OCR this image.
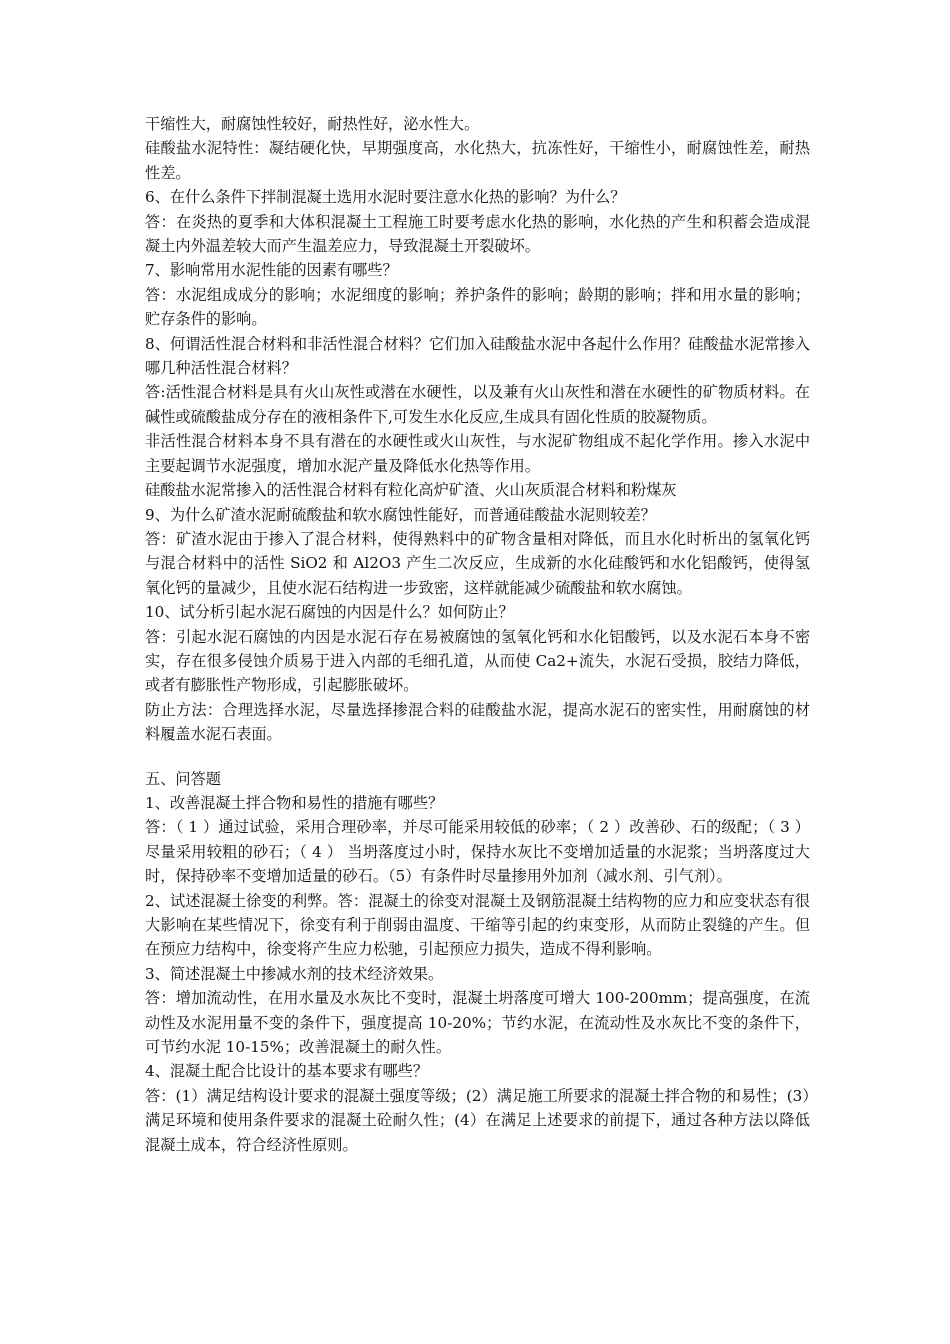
干缩性大，耐腐蚀性较好，耐热性好，泌水性大。

硅酸盐水泥特性：凝结硬化快，早期强度高，水化热大，抗冻性好，干缩性小，耐腐蚀性差，耐热性差。

6、在什么条件下拌制混凝土选用水泥时要注意水化热的影响？为什么？

答：在炎热的夏季和大体积混凝土工程施工时要考虑水化热的影响，水化热的产生和积蓄会造成混凝土内外温差较大而产生温差应力，导致混凝土开裂破坏。

7、影响常用水泥性能的因素有哪些？

答：水泥组成成分的影响；水泥细度的影响；养护条件的影响；龄期的影响；拌和用水量的影响；贮存条件的影响。

8、何谓活性混合材料和非活性混合材料？它们加入硅酸盐水泥中各起什么作用？硅酸盐水泥常掺入哪几种活性混合材料？

答:活性混合材料是具有火山灰性或潜在水硬性，以及兼有火山灰性和潜在水硬性的矿物质材料。在碱性或硫酸盐成分存在的液相条件下,可发生水化反应,生成具有固化性质的胶凝物质。

非活性混合材料本身不具有潜在的水硬性或火山灰性，与水泥矿物组成不起化学作用。掺入水泥中主要起调节水泥强度，增加水泥产量及降低水化热等作用。

硅酸盐水泥常掺入的活性混合材料有粒化高炉矿渣、火山灰质混合材料和粉煤灰

9、为什么矿渣水泥耐硫酸盐和软水腐蚀性能好，而普通硅酸盐水泥则较差？

答：矿渣水泥由于掺入了混合材料，使得熟料中的矿物含量相对降低，而且水化时析出的氢氧化钙与混合材料中的活性 SiO2 和 Al2O3 产生二次反应，生成新的水化硅酸钙和水化铝酸钙，使得氢氧化钙的量减少，且使水泥石结构进一步致密，这样就能减少硫酸盐和软水腐蚀。

10、试分析引起水泥石腐蚀的内因是什么？如何防止？

答：引起水泥石腐蚀的内因是水泥石存在易被腐蚀的氢氧化钙和水化铝酸钙，以及水泥石本身不密实，存在很多侵蚀介质易于进入内部的毛细孔道，从而使 Ca2+流失，水泥石受损，胶结力降低，或者有膨胀性产物形成，引起膨胀破坏。

防止方法：合理选择水泥，尽量选择掺混合料的硅酸盐水泥，提高水泥石的密实性，用耐腐蚀的材料履盖水泥石表面。

五、问答题

1、改善混凝土拌合物和易性的措施有哪些？

答：（ 1 ）通过试验，采用合理砂率，并尽可能采用较低的砂率；（ 2 ）改善砂、石的级配；（ 3 ） 尽量采用较粗的砂石；（ 4 ） 当坍落度过小时，保持水灰比不变增加适量的水泥浆；当坍落度过大时，保持砂率不变增加适量的砂石。（5）有条件时尽量掺用外加剂（减水剂、引气剂）。

2、试述混凝土徐变的利弊。答：混凝土的徐变对混凝土及钢筋混凝土结构物的应力和应变状态有很大影响在某些情况下，徐变有利于削弱由温度、干缩等引起的约束变形，从而防止裂缝的产生。但在预应力结构中，徐变将产生应力松驰，引起预应力损失，造成不得利影响。

3、简述混凝土中掺减水剂的技术经济效果。

答：增加流动性，在用水量及水灰比不变时，混凝土坍落度可增大 100-200mm；提高强度，在流动性及水泥用量不变的条件下，强度提高 10-20%；节约水泥，在流动性及水灰比不变的条件下，可节约水泥 10-15%；改善混凝土的耐久性。

4、混凝土配合比设计的基本要求有哪些？

答：(1）满足结构设计要求的混凝土强度等级；(2）满足施工所要求的混凝土拌合物的和易性；(3）满足环境和使用条件要求的混凝土砼耐久性；(4）在满足上述要求的前提下，通过各种方法以降低混凝土成本，符合经济性原则。
